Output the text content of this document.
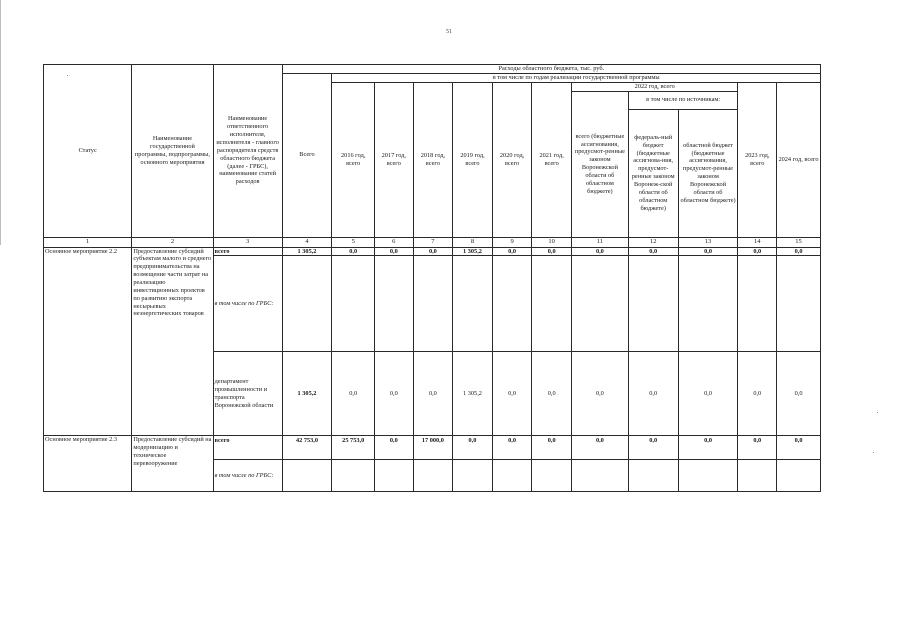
51
Статус	Наименование государственной программы, подпрограммы, основного мероприятия	Наименование ответственного исполнителя, исполнителя - главного распорядителя средств областного бюджета (далее - ГРБС), наименование статей расходов	Расходы областного бюджета, тыс. руб.											
			Всего	в том числе по годам реализации государственной программы										
				2016 год, всего	2017 год, всего	2018 год, всего	2019 год, всего	2020 год, всего	2021 год, всего	2022 год, всего			2023 год, всего	2024 год, всего
										всего (бюджетные ассигнования, предусмот-ренные законом Воронежской области об областном бюджете)	в том числе по источникам:			
											федераль-ный бюджет (бюджетные ассигнова-ния, предусмот-ренные законом Воронеж-ской области об областном бюджете)	областной бюджет (бюджетные ассигнования, предусмот-ренные законом Воронежской области об областном бюджете)		
1	2	3	4	5	6	7	8	9	10	11	12	13	14	15
Основное мероприятие 2.2	Предоставление субсидий субъектам малого и среднего предпринимательства на возмещение части затрат на реализацию инвестиционных проектов по развитию экспорта несырьевых неэнергетических товаров	всего	1 305,2	0,0	0,0	0,0	1 305,2	0,0	0,0	0,0	0,0	0,0	0,0	0,0
		в том числе по ГРБС:												
		департамент промышленности и транспорта Воронежской области	1 305,2	0,0	0,0	0,0	1 305,2	0,0	0,0	0,0	0,0	0,0	0,0	0,0
Основное мероприятие 2.3	Предоставление субсидий на модернизацию и техническое перевооружение	всего	42 753,0	25 753,0	0,0	17 000,0	0,0	0,0	0,0	0,0	0,0	0,0	0,0	0,0
		в том числе по ГРБС:												
